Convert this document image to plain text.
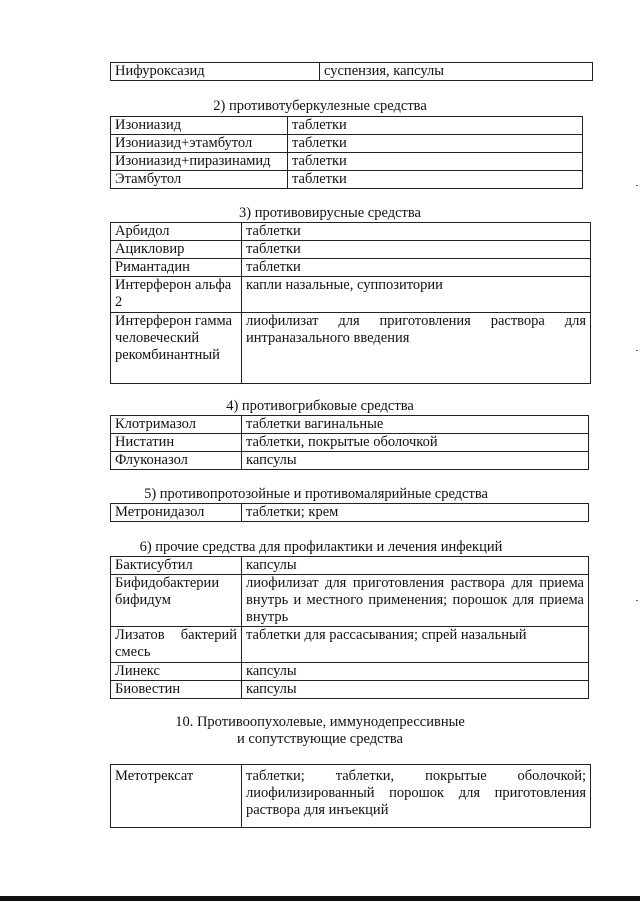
Нифуроксазид	суспензия, капсулы
2) противотуберкулезные средства
Изониазид	таблетки
Изониазид+этамбутол	таблетки
Изониазид+пиразинамид	таблетки
Этамбутол	таблетки
3) противовирусные средства
Арбидол	таблетки
Ацикловир	таблетки
Римантадин	таблетки
Интерферон альфа 2	капли назальные, суппозитории
Интерферон гамма человеческий рекомбинантный	лиофилизат для приготовления раствора для интраназального введения
4) противогрибковые средства
Клотримазол	таблетки вагинальные
Нистатин	таблетки, покрытые оболочкой
Флуконазол	капсулы
5) противопротозойные и противомалярийные средства
Метронидазол	таблетки; крем
6) прочие средства для профилактики и лечения инфекций
Бактисубтил	капсулы
Бифидобактерии бифидум	лиофилизат для приготовления раствора для приема внутрь и местного применения; порошок для приема внутрь
Лизатов бактерий смесь	таблетки для рассасывания; спрей назальный
Линекс	капсулы
Биовестин	капсулы
10. Противоопухолевые, иммунодепрессивные
и сопутствующие средства
Метотрексат	таблетки; таблетки, покрытые оболочкой; лиофилизированный порошок для приготовления раствора для инъекций
